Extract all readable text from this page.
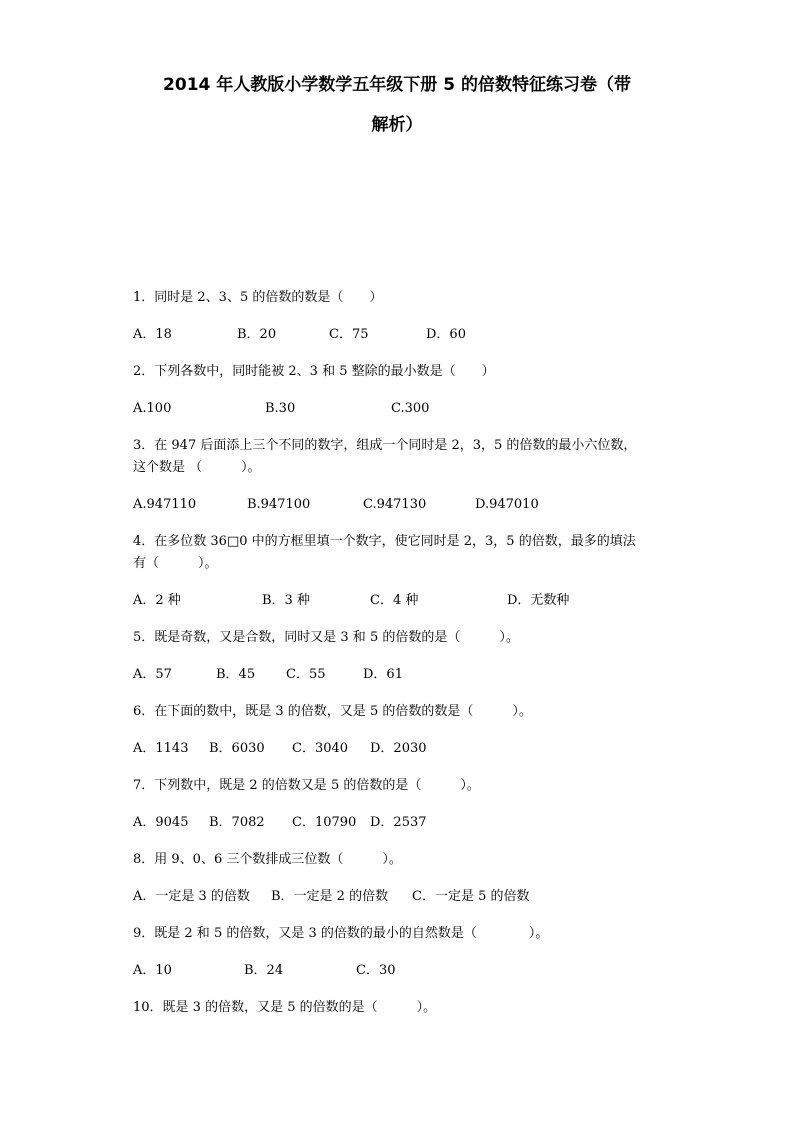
2014 年人教版小学数学五年级下册 5 的倍数特征练习卷（带
解析）
1．同时是 2、3、5 的倍数的数是（　　）
A．18	B．20	C．75	D．60
2．下列各数中，同时能被 2、3 和 5 整除的最小数是（　　）
A.100	B.30	C.300
3．在 947 后面添上三个不同的数字，组成一个同时是 2，3，5 的倍数的最小六位数，
这个数是 （　　　）。
A.947110	B.947100	C.947130	D.947010
4．在多位数 36□0 中的方框里填一个数字，使它同时是 2，3，5 的倍数，最多的填法
有（　　　）。
A．2 种	B．3 种	C．4 种	D．无数种
5．既是奇数，又是合数，同时又是 3 和 5 的倍数的是（　　　）。
A．57	B．45	C．55	D．61
6．在下面的数中，既是 3 的倍数，又是 5 的倍数的数是（　　　）。
A．1143	B．6030	C．3040	D．2030
7．下列数中，既是 2 的倍数又是 5 的倍数的是（　　　）。
A．9045	B．7082	C．10790	D．2537
8．用 9、0、6 三个数排成三位数（　　　）。
A．一定是 3 的倍数	B．一定是 2 的倍数	C．一定是 5 的倍数
9．既是 2 和 5 的倍数，又是 3 的倍数的最小的自然数是（　　　　）。
A．10	B．24	C．30
10．既是 3 的倍数，又是 5 的倍数的是（　　　）。
